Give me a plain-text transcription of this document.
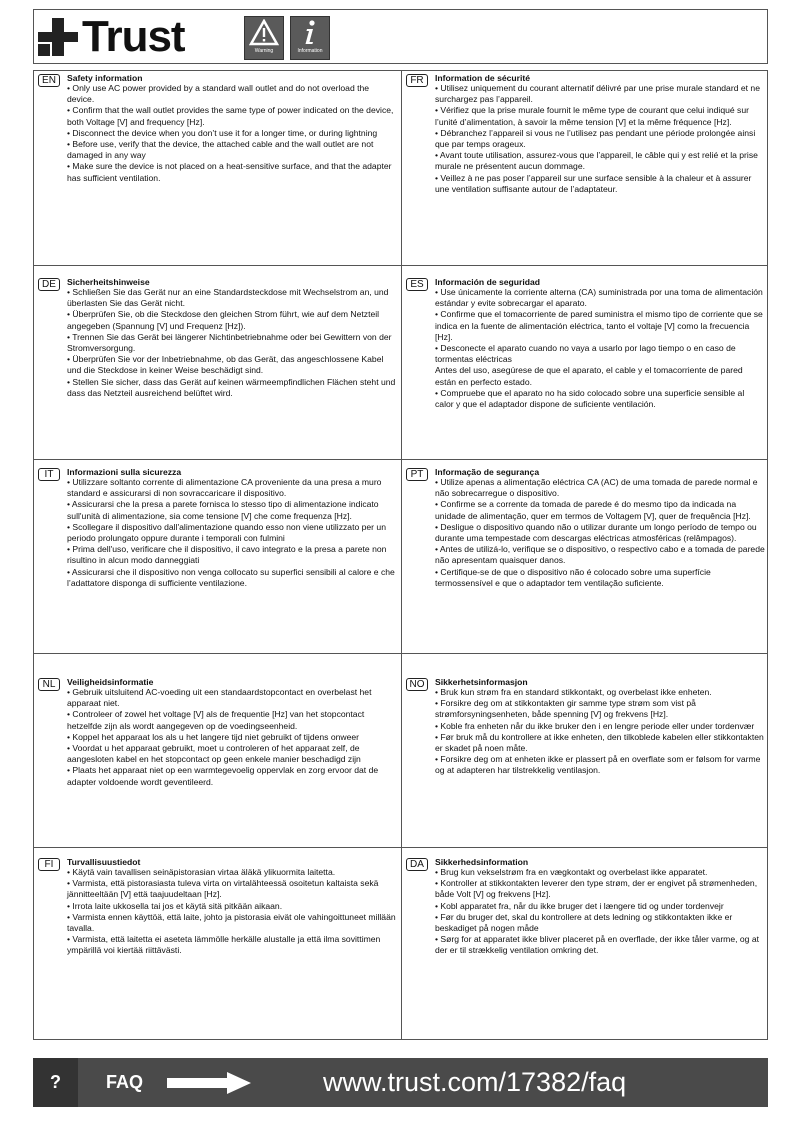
Trust	Warning	Information
EN	Safety information

• Only use AC power provided by a standard wall outlet and do not overload the device.

• Confirm that the wall outlet provides the same type of power indicated on the device, both Voltage [V] and frequency [Hz].

• Disconnect the device when you don’t use it for a longer time, or during lightning

• Before use, verify that the device, the attached cable and the wall outlet are not damaged in any way

• Make sure the device is not placed on a heat-sensitive surface, and that the adapter has sufficient ventilation.

FR	Information de sécurité

• Utilisez uniquement du courant alternatif délivré par une prise murale standard et ne surchargez pas l’appareil.

• Vérifiez que la prise murale fournit le même type de courant que celui indiqué sur l’unité d’alimentation, à savoir la même tension [V] et la même fréquence [Hz].

• Débranchez l’appareil si vous ne l’utilisez pas pendant une période prolongée ainsi que par temps orageux.

• Avant toute utilisation, assurez-vous que l’appareil, le câble qui y est relié et la prise murale ne présentent aucun dommage.

• Veillez à ne pas poser l’appareil sur une surface sensible à la chaleur et à assurer une ventilation suffisante autour de l’adaptateur.

DE	Sicherheitshinweise

• Schließen Sie das Gerät nur an eine Standardsteckdose mit Wechselstrom an, und überlasten Sie das Gerät nicht.

• Überprüfen Sie, ob die Steckdose den gleichen Strom führt, wie auf dem Netzteil angegeben (Spannung [V] und Frequenz [Hz]).

• Trennen Sie das Gerät bei längerer Nichtinbetriebnahme oder bei Gewittern von der Stromversorgung.

• Überprüfen Sie vor der Inbetriebnahme, ob das Gerät, das angeschlossene Kabel und die Steckdose in keiner Weise beschädigt sind.

• Stellen Sie sicher, dass das Gerät auf keinen wärmeempfindlichen Flächen steht und dass das Netzteil ausreichend belüftet wird.

ES	Información de seguridad

• Use únicamente la corriente alterna (CA) suministrada por una toma de alimentación estándar y evite sobrecargar el aparato.

• Confirme que el tomacorriente de pared suministra el mismo tipo de corriente que se indica en la fuente de alimentación eléctrica, tanto el voltaje [V] como la frecuencia [Hz].

• Desconecte el aparato cuando no vaya a usarlo por lago tiempo o en caso de tormentas eléctricas

Antes del uso, asegúrese de que el aparato, el cable y el tomacorriente de pared están en perfecto estado.

• Compruebe que el aparato no ha sido colocado sobre una superficie sensible al calor y que el adaptador dispone de suficiente ventilación.

IT	Informazioni sulla sicurezza

• Utilizzare soltanto corrente di alimentazione CA proveniente da una presa a muro standard e assicurarsi di non sovraccaricare il dispositivo.

• Assicurarsi che la presa a parete fornisca lo stesso tipo di alimentazione indicato sull'unità di alimentazione, sia come tensione [V] che come frequenza [Hz].

• Scollegare il dispositivo dall'alimentazione quando esso non viene utilizzato per un periodo prolungato oppure durante i temporali con fulmini

• Prima dell'uso, verificare che il dispositivo, il cavo integrato e la presa a parete non risultino in alcun modo danneggiati

• Assicurarsi che il dispositivo non venga collocato su superfici sensibili al calore e che l’adattatore disponga di sufficiente ventilazione.

PT	Informação de segurança

• Utilize apenas a alimentação eléctrica CA (AC) de uma tomada de parede normal e não sobrecarregue o dispositivo.

• Confirme se a corrente da tomada de parede é do mesmo tipo da indicada na unidade de alimentação, quer em termos de Voltagem [V], quer de frequência [Hz].

• Desligue o dispositivo quando não o utilizar durante um longo período de tempo ou durante uma tempestade com descargas eléctricas atmosféricas (relâmpagos).

• Antes de utilizá-lo, verifique se o dispositivo, o respectivo cabo e a tomada de parede não apresentam quaisquer danos.

• Certifique-se de que o dispositivo não é colocado sobre uma superfície termossensível e que o adaptador tem ventilação suficiente.

NL	Veiligheidsinformatie

• Gebruik uitsluitend AC-voeding uit een standaardstopcontact en overbelast het apparaat niet.

• Controleer of zowel het voltage [V] als de frequentie [Hz] van het stopcontact hetzelfde zijn als wordt aangegeven op de voedingseenheid.

• Koppel het apparaat los als u het langere tijd niet gebruikt of tijdens onweer

• Voordat u het apparaat gebruikt, moet u controleren of het apparaat zelf, de aangesloten kabel en het stopcontact op geen enkele manier beschadigd zijn

• Plaats het apparaat niet op een warmtegevoelig oppervlak en zorg ervoor dat de adapter voldoende wordt geventileerd.

NO	Sikkerhetsinformasjon

• Bruk kun strøm fra en standard stikkontakt, og overbelast ikke enheten.

• Forsikre deg om at stikkontakten gir samme type strøm som vist på strømforsyningsenheten, både spenning [V] og frekvens [Hz].

• Koble fra enheten når du ikke bruker den i en lengre periode eller under tordenvær

• Før bruk må du kontrollere at ikke enheten, den tilkoblede kabelen eller stikkontakten er skadet på noen måte.

• Forsikre deg om at enheten ikke er plassert på en overflate som er følsom for varme og at adapteren har tilstrekkelig ventilasjon.

FI	Turvallisuustiedot

• Käytä vain tavallisen seinäpistorasian virtaa äläkä ylikuormita laitetta.

• Varmista, että pistorasiasta tuleva virta on virtalähteessä osoitetun kaltaista sekä jännitteeltään [V] että taajuudeltaan [Hz].

• Irrota laite ukkosella tai jos et käytä sitä pitkään aikaan.

• Varmista ennen käyttöä, että laite, johto ja pistorasia eivät ole vahingoittuneet millään tavalla.

• Varmista, että laitetta ei aseteta lämmölle herkälle alustalle ja että ilma sovittimen ympärillä voi kiertää riittävästi.

DA	Sikkerhedsinformation

• Brug kun vekselstrøm fra en vægkontakt og overbelast ikke apparatet.

• Kontroller at stikkontakten leverer den type strøm, der er engivet på strømenheden, både Volt [V] og frekvens [Hz].

• Kobl apparatet fra, når du ikke bruger det i længere tid og under tordenvejr

• Før du bruger det, skal du kontrollere at dets ledning og stikkontakten ikke er beskadiget på nogen måde

• Sørg for at apparatet ikke bliver placeret på en overflade, der ikke tåler varme, og at der er til strækkelig ventilation omkring det.

?	FAQ	www.trust.com/17382/faq
